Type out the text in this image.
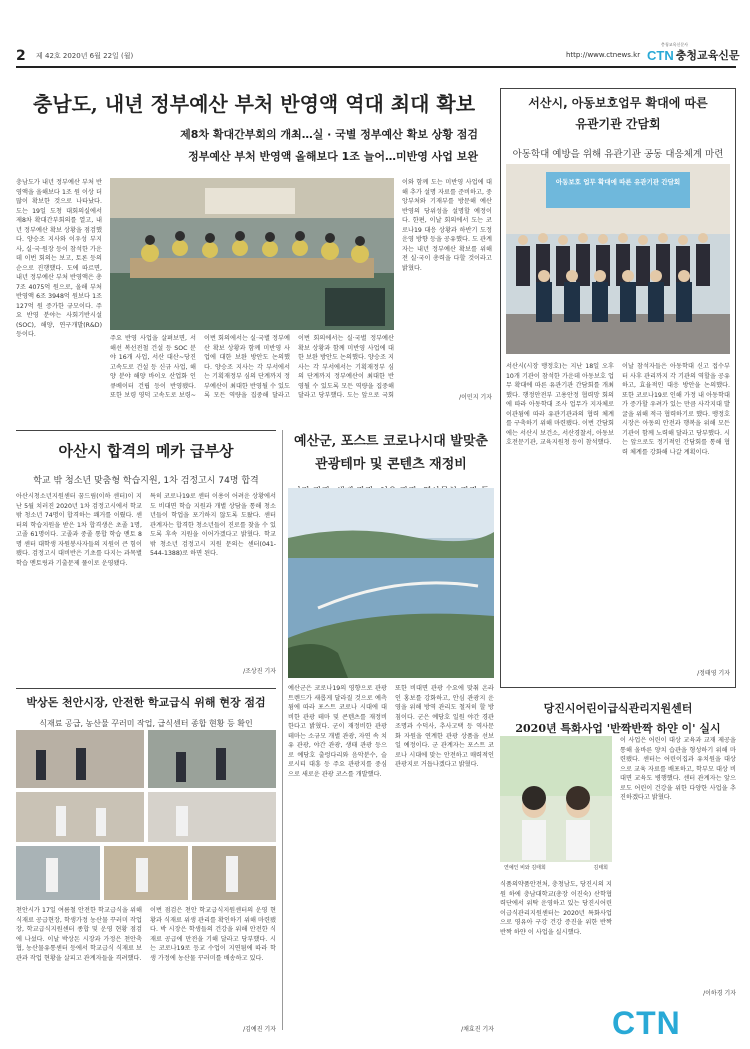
2 제 42호 2020년 6월 22일 (월)	http://www.ctnews.kr
충청교육신문사
CTN 충청교육신문
충남도, 내년 정부예산 부처 반영액 역대 최대 확보
제8차 확대간부회의 개최…실 · 국별 정부예산 확보 상황 점검
정부예산 부처 반영액 올해보다 1조 늘어…미반영 사업 보완
충남도가 내년 정부예산 부처 반영액을 올해보다 1조 원 이상 더 많이 확보한 것으로 나타났다. 도는 19일 도청 대회의실에서 제8차 확대간부회의를 열고, 내년 정부예산 확보 상황을 점검했다. 양승조 지사와 이우성 부지사, 실·국·원장 등이 참석한 가운데 이번 회의는 보고, 토론 등의 순으로 진행했다. 도에 따르면, 내년 정부예산 부처 반영액은 총 7조 4075억 원으로, 올해 부처 반영액 6조 3948억 원보다 1조 127억 원 증가한 규모이다. 주요 반영 분야는 사회기반시설(SOC), 해양, 연구개발(R&D) 등이다.
주요 반영 사업을 살펴보면, 서해선 복선전철 건설 등 SOC 분야 16개 사업, 서산 대산~당진 고속도로 건설 등 신규 사업, 해양 분야 해양 바이오 산업화 인큐베이터 건립 등이 반영됐다. 또한 보령 영덕 고속도로 보령~
이번 회의에서는 실·국별 정부예산 확보 상황과 함께 미반영 사업에 대한 보완 방안도 논의했다. 양승조 지사는 각 부서에서는 기획재정부 심의 단계까지 정부예산이 최대한 반영될 수 있도록 모든 역량을 집중해 달라고
이번 회의에서는 실·국별 정부예산 확보 상황과 함께 미반영 사업에 대한 보완 방안도 논의했다. 양승조 지사는 각 부서에서는 기획재정부 심의 단계까지 정부예산이 최대한 반영될 수 있도록 모든 역량을 집중해 달라고 당부했다. 도는 앞으로 국회
이와 함께 도는 미반영 사업에 대해 추가 설명 자료를 준비하고, 중앙부처와 기재부를 방문해 예산 반영의 당위성을 설명할 예정이다. 한편, 이날 회의에서 도는 코로나19 대응 상황과 하반기 도정 운영 방향 등을 공유했다. 도 관계자는 내년 정부예산 확보를 위해 전 실·국이 총력을 다할 것이라고 밝혔다.
/이민지 기자
서산시, 아동보호업무 확대에 따른
유관기관 간담회
아동학대 예방을 위해 유관기관 공동 대응체계 마련
아동보호 업무 확대에 따른 유관기관 간담회
서산시(시장 맹정호)는 지난 18일 오후 10개 기관이 참석한 가운데 아동보호 업무 확대에 따른 유관기관 간담회를 개최했다. 행정안전부 고용안정 협력망 회의에 따라 아동학대 조사 업무가 지자체로 이관됨에 따라 유관기관과의 협력 체계를 구축하기 위해 마련됐다. 이번 간담회에는 서산시 보건소, 서산경찰서, 아동보호전문기관, 교육지원청 등이 참석했다.
이날 참석자들은 아동학대 신고 접수부터 사후 관리까지 각 기관의 역할을 공유하고, 효율적인 대응 방안을 논의했다. 또한 코로나19로 인해 가정 내 아동학대가 증가할 우려가 있는 만큼 사각지대 발굴을 위해 적극 협력하기로 했다. 맹정호 시장은 아동의 안전과 행복을 위해 모든 기관이 함께 노력해 달라고 당부했다. 시는 앞으로도 정기적인 간담회를 통해 협력 체계를 강화해 나갈 계획이다.
/정태영 기자
아산시 합격의 메카 급부상
학교 밖 청소년 맞춤형 학습지원, 1차 검정고시 74명 합격
아산시청소년지원센터 꿈드림(이하 센터)이 지난 5월 치러진 2020년 1차 검정고시에서 학교 밖 청소년 74명이 합격하는 쾌거를 이뤘다. 센터의 학습지원을 받은 1차 합격생은 초졸 1명, 고졸 61명이다. 고졸과 중졸 통합 학습 멘토 8명 센터 대학생 자원봉사자들의 지원이 큰 힘이 됐다. 검정고시 대비반은 기초를 다지는 과목별 학습 멘토링과 기출문제 풀이로 운영됐다.
특히 코로나19로 센터 이용이 어려운 상황에서도 비대면 학습 지원과 개별 상담을 통해 청소년들이 학업을 포기하지 않도록 도왔다. 센터 관계자는 합격한 청소년들이 진로를 찾을 수 있도록 후속 지원을 이어가겠다고 밝혔다. 학교 밖 청소년 검정고시 지원 문의는 센터(041-544-1388)로 하면 된다.
/조상진 기자
예산군, 포스트 코로나시대 발맞춘
관광테마 및 콘텐츠 재정비
예산군은 코로나19의 영향으로 관광트렌드가 새롭게 달라질 것으로 예측됨에 따라 포스트 코로나 시대에 대비한 관광 테마 및 콘텐츠를 재정비한다고 밝혔다. 군이 재정비한 관광 테마는 소규모 개별 관광, 자연 속 치유 관광, 야간 관광, 생태 관광 등으로 예당호 출렁다리와 음악분수, 슬로시티 대흥 등 주요 관광지를 중심으로 새로운 관광 코스를 개발했다.
또한 비대면 관광 수요에 맞춰 온라인 홍보를 강화하고, 안심 관광지 운영을 위해 방역 관리도 철저히 할 방침이다. 군은 예당호 일원 야간 경관 조명과 수덕사, 추사고택 등 역사문화 자원을 연계한 관광 상품을 선보일 예정이다. 군 관계자는 포스트 코로나 시대에 맞는 안전하고 매력적인 관광지로 거듭나겠다고 밝혔다.
/채효진 기자
박상돈 천안시장, 안전한 학교급식 위해 현장 점검
식재료 공급, 농산물 꾸러미 작업, 급식센터 종합 현황 등 확인
천안시가 17일 여름철 안전한 학교급식을 위해 식재료 공급현장, 학생가정 농산물 꾸러미 작업장, 학교급식지원센터 종합 및 운영 현황 점검에 나섰다. 이날 박상돈 시장과 가정은 천안축협, 농산물유통센터 등에서 학교급식 식재료 보관과 작업 현황을 살피고 관계자들을 격려했다.
이번 점검은 천안 학교급식지원센터의 운영 현황과 식재료 위생 관리를 확인하기 위해 마련됐다. 박 시장은 학생들의 건강을 위해 안전한 식재료 공급에 만전을 기해 달라고 당부했다. 시는 코로나19로 등교 수업이 지연됨에 따라 학생 가정에 농산물 꾸러미를 배송하고 있다.
/김예진 기자
당진시어린이급식관리지원센터
2020년 특화사업 '반짝반짝 하얀 이' 실시
연예인 비와 김태희	김태희
식품의약품안전처, 충청남도, 당진시의 지원 하에 충남대학교(총장 이진숙) 산학협력단에서 위탁 운영하고 있는 당진시어린이급식관리지원센터는 2020년 특화사업으로 영유아 구강 건강 증진을 위한 반짝반짝 하얀 이 사업을 실시했다.
이 사업은 어린이 대상 교육과 교재 제공을 통해 올바른 양치 습관을 형성하기 위해 마련됐다. 센터는 어린이집과 유치원을 대상으로 교육 자료를 배포하고, 학부모 대상 비대면 교육도 병행했다. 센터 관계자는 앞으로도 어린이 건강을 위한 다양한 사업을 추진하겠다고 밝혔다.
/이하경 기자
CTN
